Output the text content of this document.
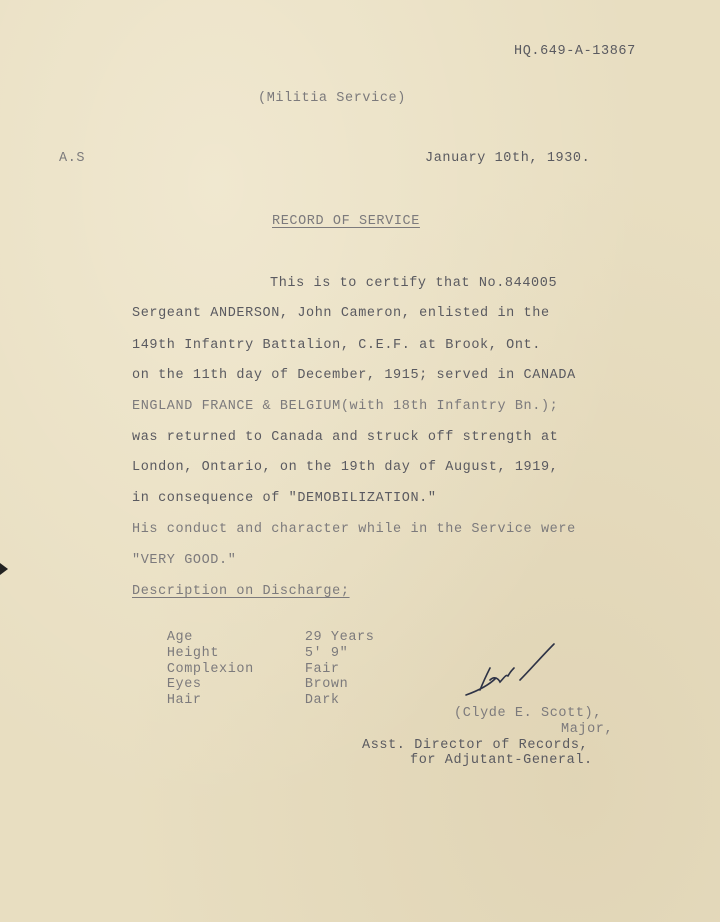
HQ.649-A-13867
(Militia Service)
A.S	January 10th, 1930.
RECORD OF SERVICE
This is to certify that No.844005
Sergeant ANDERSON, John Cameron, enlisted in the
149th Infantry Battalion, C.E.F. at Brook, Ont.
on the 11th day of December, 1915; served in CANADA
ENGLAND FRANCE & BELGIUM(with 18th Infantry Bn.);
was returned to Canada and struck off strength at
London, Ontario, on the 19th day of August, 1919,
in consequence of "DEMOBILIZATION."
His conduct and character while in the Service were
"VERY GOOD."
Description on Discharge;

Age	29 Years

Height	5' 9"

Complexion	Fair

Eyes	Brown

Hair	Dark

(Clyde E. Scott),
Major,
Asst. Director of Records,
for Adjutant-General.
